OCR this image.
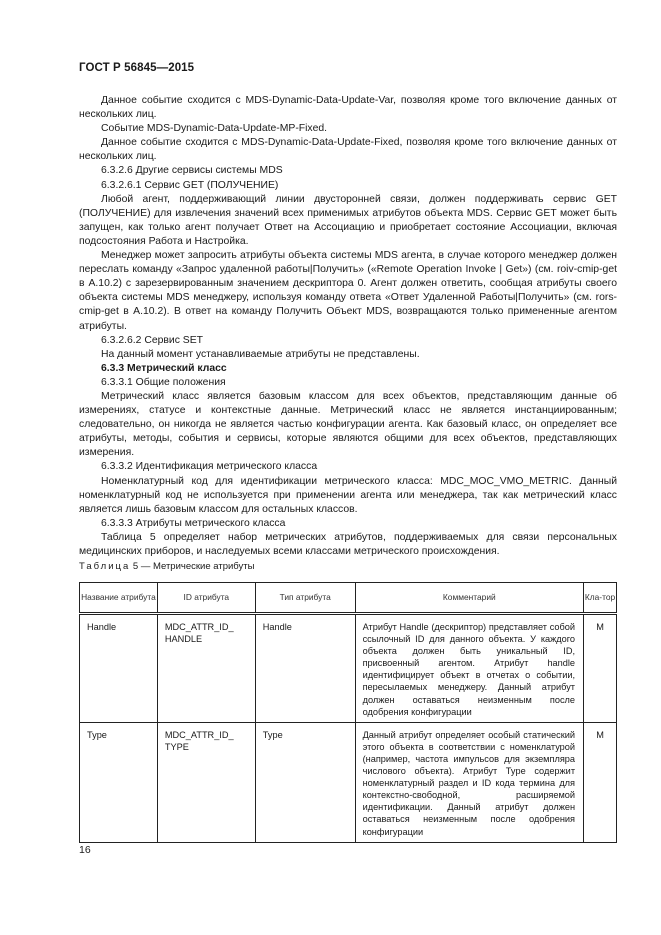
ГОСТ Р 56845—2015

Данное событие сходится с MDS-Dynamic-Data-Update-Var, позволяя кроме того включение данных от нескольких лиц.

Событие MDS-Dynamic-Data-Update-MP-Fixed.

Данное событие сходится с MDS-Dynamic-Data-Update-Fixed, позволяя кроме того включение данных от нескольких лиц.

6.3.2.6 Другие сервисы системы MDS

6.3.2.6.1 Сервис GET (ПОЛУЧЕНИЕ)

Любой агент, поддерживающий линии двусторонней связи, должен поддерживать сервис GET (ПОЛУЧЕНИЕ) для извлечения значений всех применимых атрибутов объекта MDS. Сервис GET может быть запущен, как только агент получает Ответ на Ассоциацию и приобретает состояние Ассоциации, включая подсостояния Работа и Настройка.

Менеджер может запросить атрибуты объекта системы MDS агента, в случае которого менеджер должен переслать команду «Запрос удаленной работы|Получить» («Remote Operation Invoke | Get») (см. roiv-cmip-get в А.10.2) с зарезервированным значением дескриптора 0. Агент должен ответить, сообщая атрибуты своего объекта системы MDS менеджеру, используя команду ответа «Ответ Удаленной Работы|Получить» (см. rors-cmip-get в А.10.2). В ответ на команду Получить Объект MDS, возвращаются только примененные агентом атрибуты.

6.3.2.6.2 Сервис SET

На данный момент устанавливаемые атрибуты не представлены.

6.3.3 Метрический класс

6.3.3.1 Общие положения

Метрический класс является базовым классом для всех объектов, представляющим данные об измерениях, статусе и контекстные данные. Метрический класс не является инстанциированным; следовательно, он никогда не является частью конфигурации агента. Как базовый класс, он определяет все атрибуты, методы, события и сервисы, которые являются общими для всех объектов, представляющих измерения.

6.3.3.2 Идентификация метрического класса

Номенклатурный код для идентификации метрического класса: MDC_MOC_VMO_METRIC. Данный номенклатурный код не используется при применении агента или менеджера, так как метрический класс является лишь базовым классом для остальных классов.

6.3.3.3 Атрибуты метрического класса

Таблица 5 определяет набор метрических атрибутов, поддерживаемых для связи персональных медицинских приборов, и наследуемых всеми классами метрического происхождения.

Таблица 5 — Метрические атрибуты
Название атрибута	ID атрибута	Тип атрибута	Комментарий	Кла-тор
Handle	MDC_ATTR_ID_ HANDLE	Handle	Атрибут Handle (дескриптор) представляет собой ссылочный ID для данного объекта. У каждого объекта должен быть уникальный ID, присвоенный агентом. Атрибут handle идентифицирует объект в отчетах о событии, пересылаемых менеджеру. Данный атрибут должен оставаться неизменным после одобрения конфигурации	M
Type	MDC_ATTR_ID_ TYPE	Type	Данный атрибут определяет особый статический этого объекта в соответствии с номенклатурой (например, частота импульсов для экземпляра числового объекта). Атрибут Type содержит номенклатурный раздел и ID кода термина для контекстно-свободной, расширяемой идентификации. Данный атрибут должен оставаться неизменным после одобрения конфигурации	M
16
